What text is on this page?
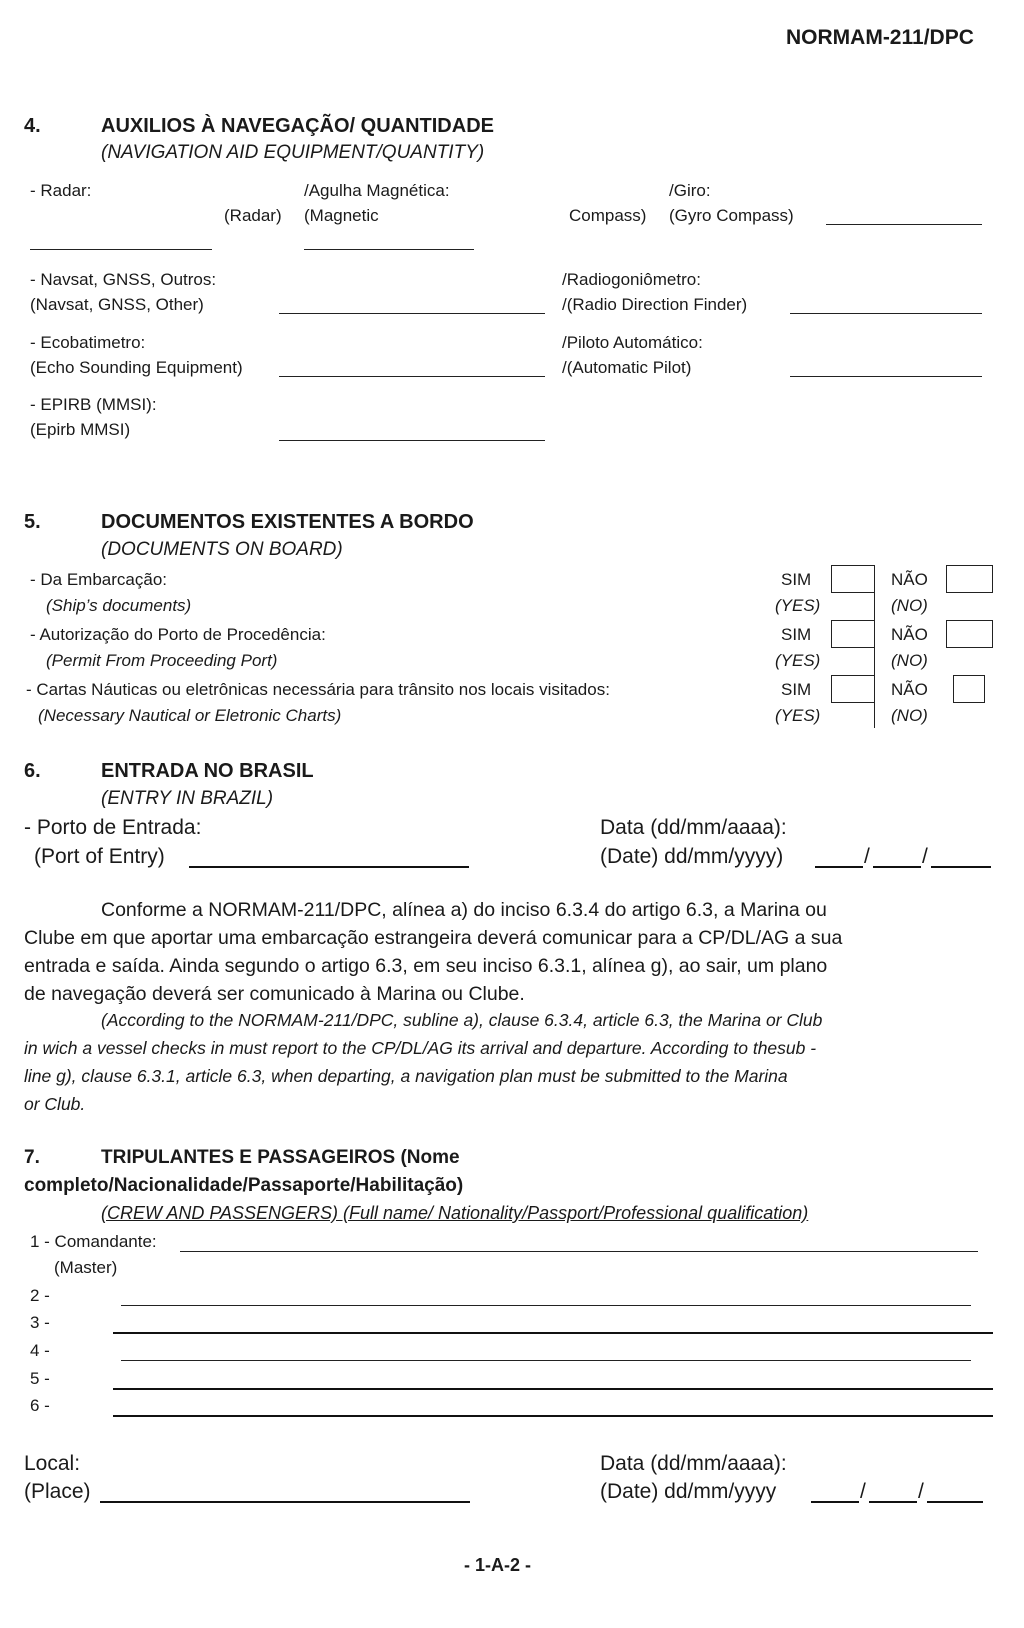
NORMAM-211/DPC
4.	AUXILIOS À NAVEGAÇÃO/ QUANTIDADE
(NAVIGATION AID EQUIPMENT/QUANTITY)
- Radar:
(Radar)
/Agulha Magnética:
(Magnetic	Compass)
/Giro:
(Gyro Compass)
- Navsat, GNSS, Outros:
(Navsat, GNSS, Other)
/Radiogoniômetro:
/(Radio Direction Finder)
- Ecobatimetro:
(Echo Sounding Equipment)
/Piloto Automático:
/(Automatic Pilot)
- EPIRB (MMSI):
(Epirb MMSI)
5.	DOCUMENTOS EXISTENTES A BORDO
(DOCUMENTS ON BOARD)
- Da Embarcação:
(Ship’s documents)
SIM
(YES)
NÃO
(NO)
- Autorização do Porto de Procedência:
(Permit From Proceeding Port)
SIM
(YES)
NÃO
(NO)
- Cartas Náuticas ou eletrônicas necessária para trânsito nos locais visitados:
(Necessary Nautical or Eletronic Charts)
SIM
(YES)
NÃO
(NO)
6.	ENTRADA NO BRASIL
(ENTRY IN BRAZIL)
- Porto de Entrada:
(Port of Entry)
Data (dd/mm/aaaa):
(Date) dd/mm/yyyy)	/ /
Conforme a NORMAM-211/DPC, alínea a) do inciso 6.3.4 do artigo 6.3, a Marina ou
Clube em que aportar uma embarcação estrangeira deverá comunicar para a CP/DL/AG a sua
entrada e saída. Ainda segundo o artigo 6.3, em seu inciso 6.3.1, alínea g), ao sair, um plano
de navegação deverá ser comunicado à Marina ou Clube.
(According to the NORMAM-211/DPC, subline a), clause 6.3.4, article 6.3, the Marina or Club
in wich a vessel checks in must report to the CP/DL/AG its arrival and departure. According to thesub -
line g), clause 6.3.1, article 6.3, when departing, a navigation plan must be submitted to the Marina
or Club.
7.	TRIPULANTES E PASSAGEIROS (Nome
completo/Nacionalidade/Passaporte/Habilitação)
(CREW AND PASSENGERS) (Full name/ Nationality/Passport/Professional qualification)
1 - Comandante:
(Master)
2 -
3 -
4 -
5 -
6 -
Local:
(Place)
Data (dd/mm/aaaa):
(Date) dd/mm/yyyy	/ /
- 1-A-2 -
